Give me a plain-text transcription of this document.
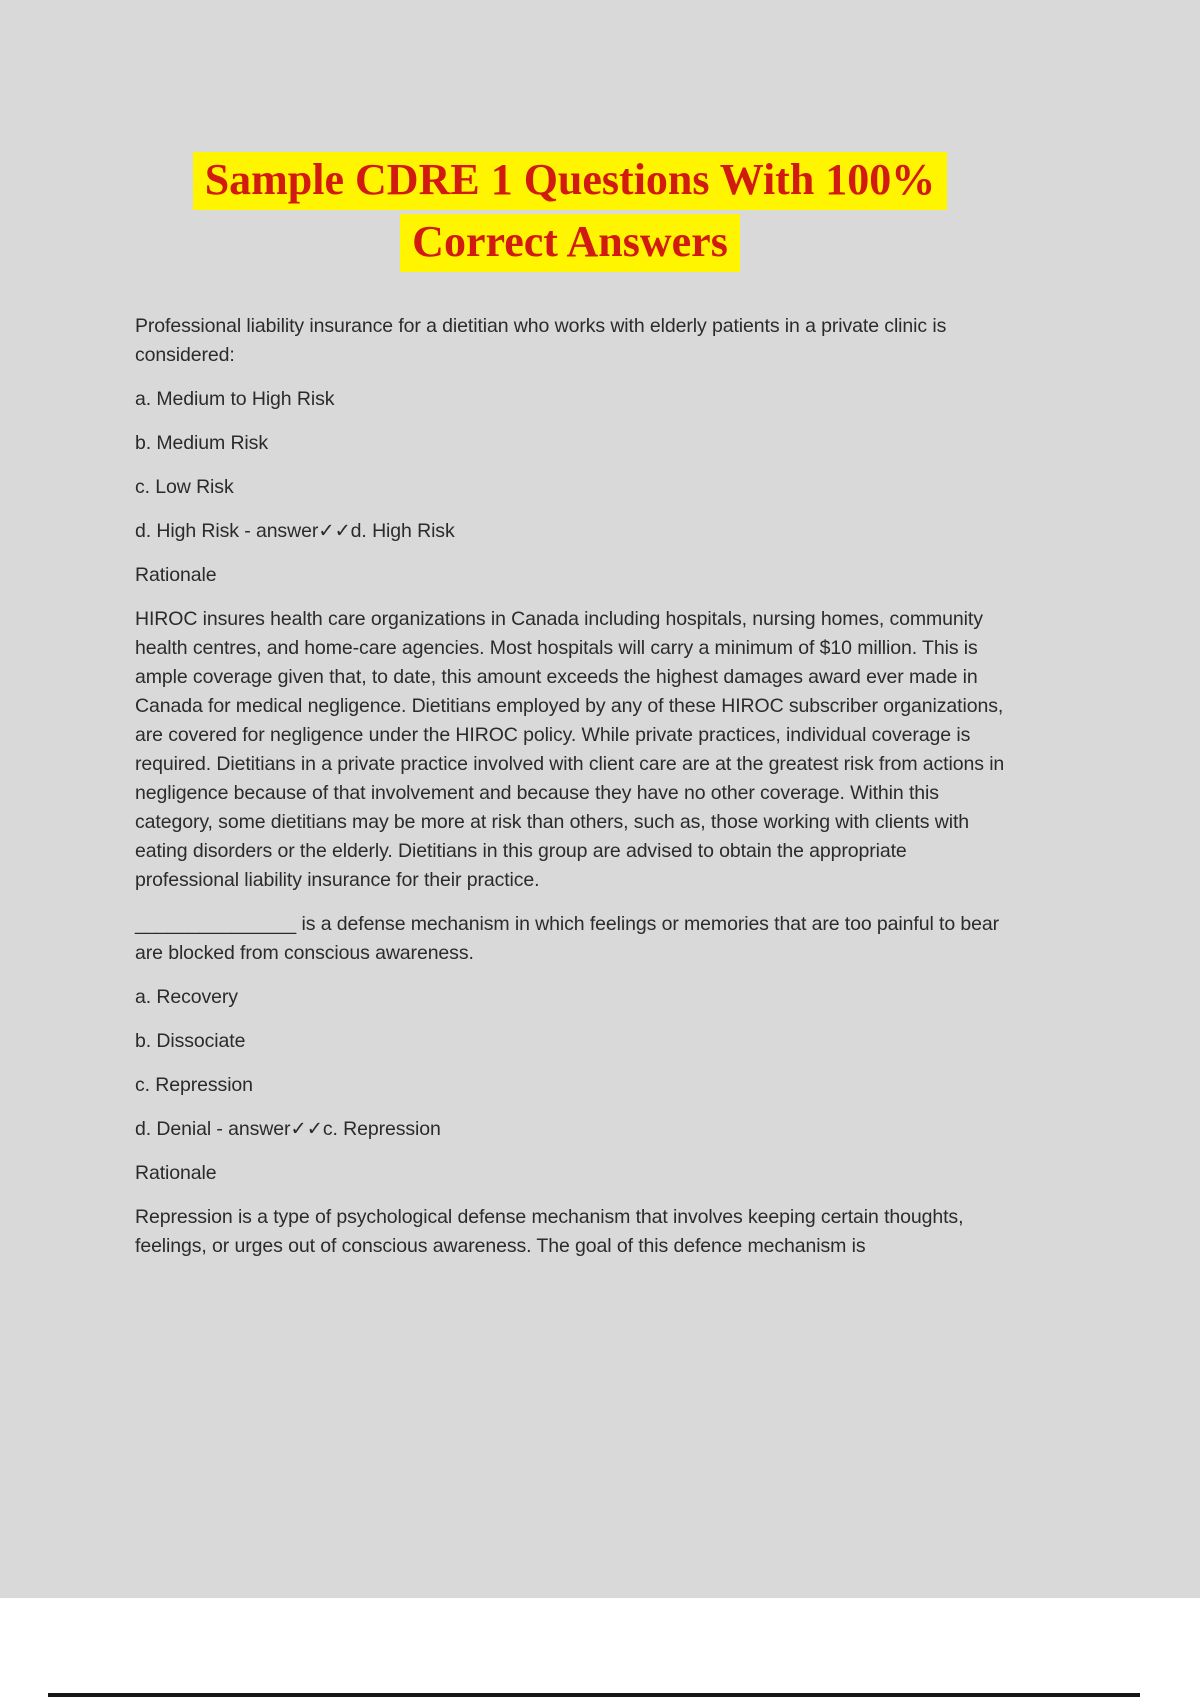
Sample CDRE 1 Questions With 100%
Correct Answers

Professional liability insurance for a dietitian who works with elderly patients in a private clinic is considered:

a. Medium to High Risk

b. Medium Risk

c. Low Risk

d. High Risk - answer✓✓d. High Risk

Rationale

HIROC insures health care organizations in Canada including hospitals, nursing homes, community health centres, and home-care agencies. Most hospitals will carry a minimum of $10 million. This is ample coverage given that, to date, this amount exceeds the highest damages award ever made in Canada for medical negligence. Dietitians employed by any of these HIROC subscriber organizations, are covered for negligence under the HIROC policy. While private practices, individual coverage is required. Dietitians in a private practice involved with client care are at the greatest risk from actions in negligence because of that involvement and because they have no other coverage. Within this category, some dietitians may be more at risk than others, such as, those working with clients with eating disorders or the elderly. Dietitians in this group are advised to obtain the appropriate professional liability insurance for their practice.

_______________ is a defense mechanism in which feelings or memories that are too painful to bear are blocked from conscious awareness.

a. Recovery

b. Dissociate

c. Repression

d. Denial - answer✓✓c. Repression

Rationale

Repression is a type of psychological defense mechanism that involves keeping certain thoughts, feelings, or urges out of conscious awareness. The goal of this defence mechanism is
